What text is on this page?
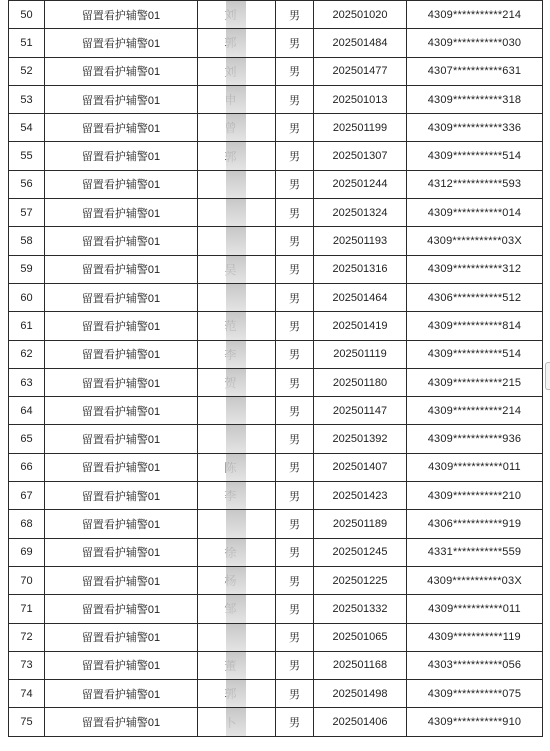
50	留置看护辅警01		男	202501020	4309***********214
51	留置看护辅警01		男	202501484	4309***********030
52	留置看护辅警01		男	202501477	4307***********631
53	留置看护辅警01		男	202501013	4309***********318
54	留置看护辅警01		男	202501199	4309***********336
55	留置看护辅警01		男	202501307	4309***********514
56	留置看护辅警01		男	202501244	4312***********593
57	留置看护辅警01		男	202501324	4309***********014
58	留置看护辅警01		男	202501193	4309***********03X
59	留置看护辅警01		男	202501316	4309***********312
60	留置看护辅警01		男	202501464	4306***********512
61	留置看护辅警01		男	202501419	4309***********814
62	留置看护辅警01		男	202501119	4309***********514
63	留置看护辅警01		男	202501180	4309***********215
64	留置看护辅警01		男	202501147	4309***********214
65	留置看护辅警01		男	202501392	4309***********936
66	留置看护辅警01		男	202501407	4309***********011
67	留置看护辅警01		男	202501423	4309***********210
68	留置看护辅警01		男	202501189	4306***********919
69	留置看护辅警01		男	202501245	4331***********559
70	留置看护辅警01		男	202501225	4309***********03X
71	留置看护辅警01		男	202501332	4309***********011
72	留置看护辅警01		男	202501065	4309***********119
73	留置看护辅警01		男	202501168	4303***********056
74	留置看护辅警01		男	202501498	4309***********075
75	留置看护辅警01		男	202501406	4309***********910
